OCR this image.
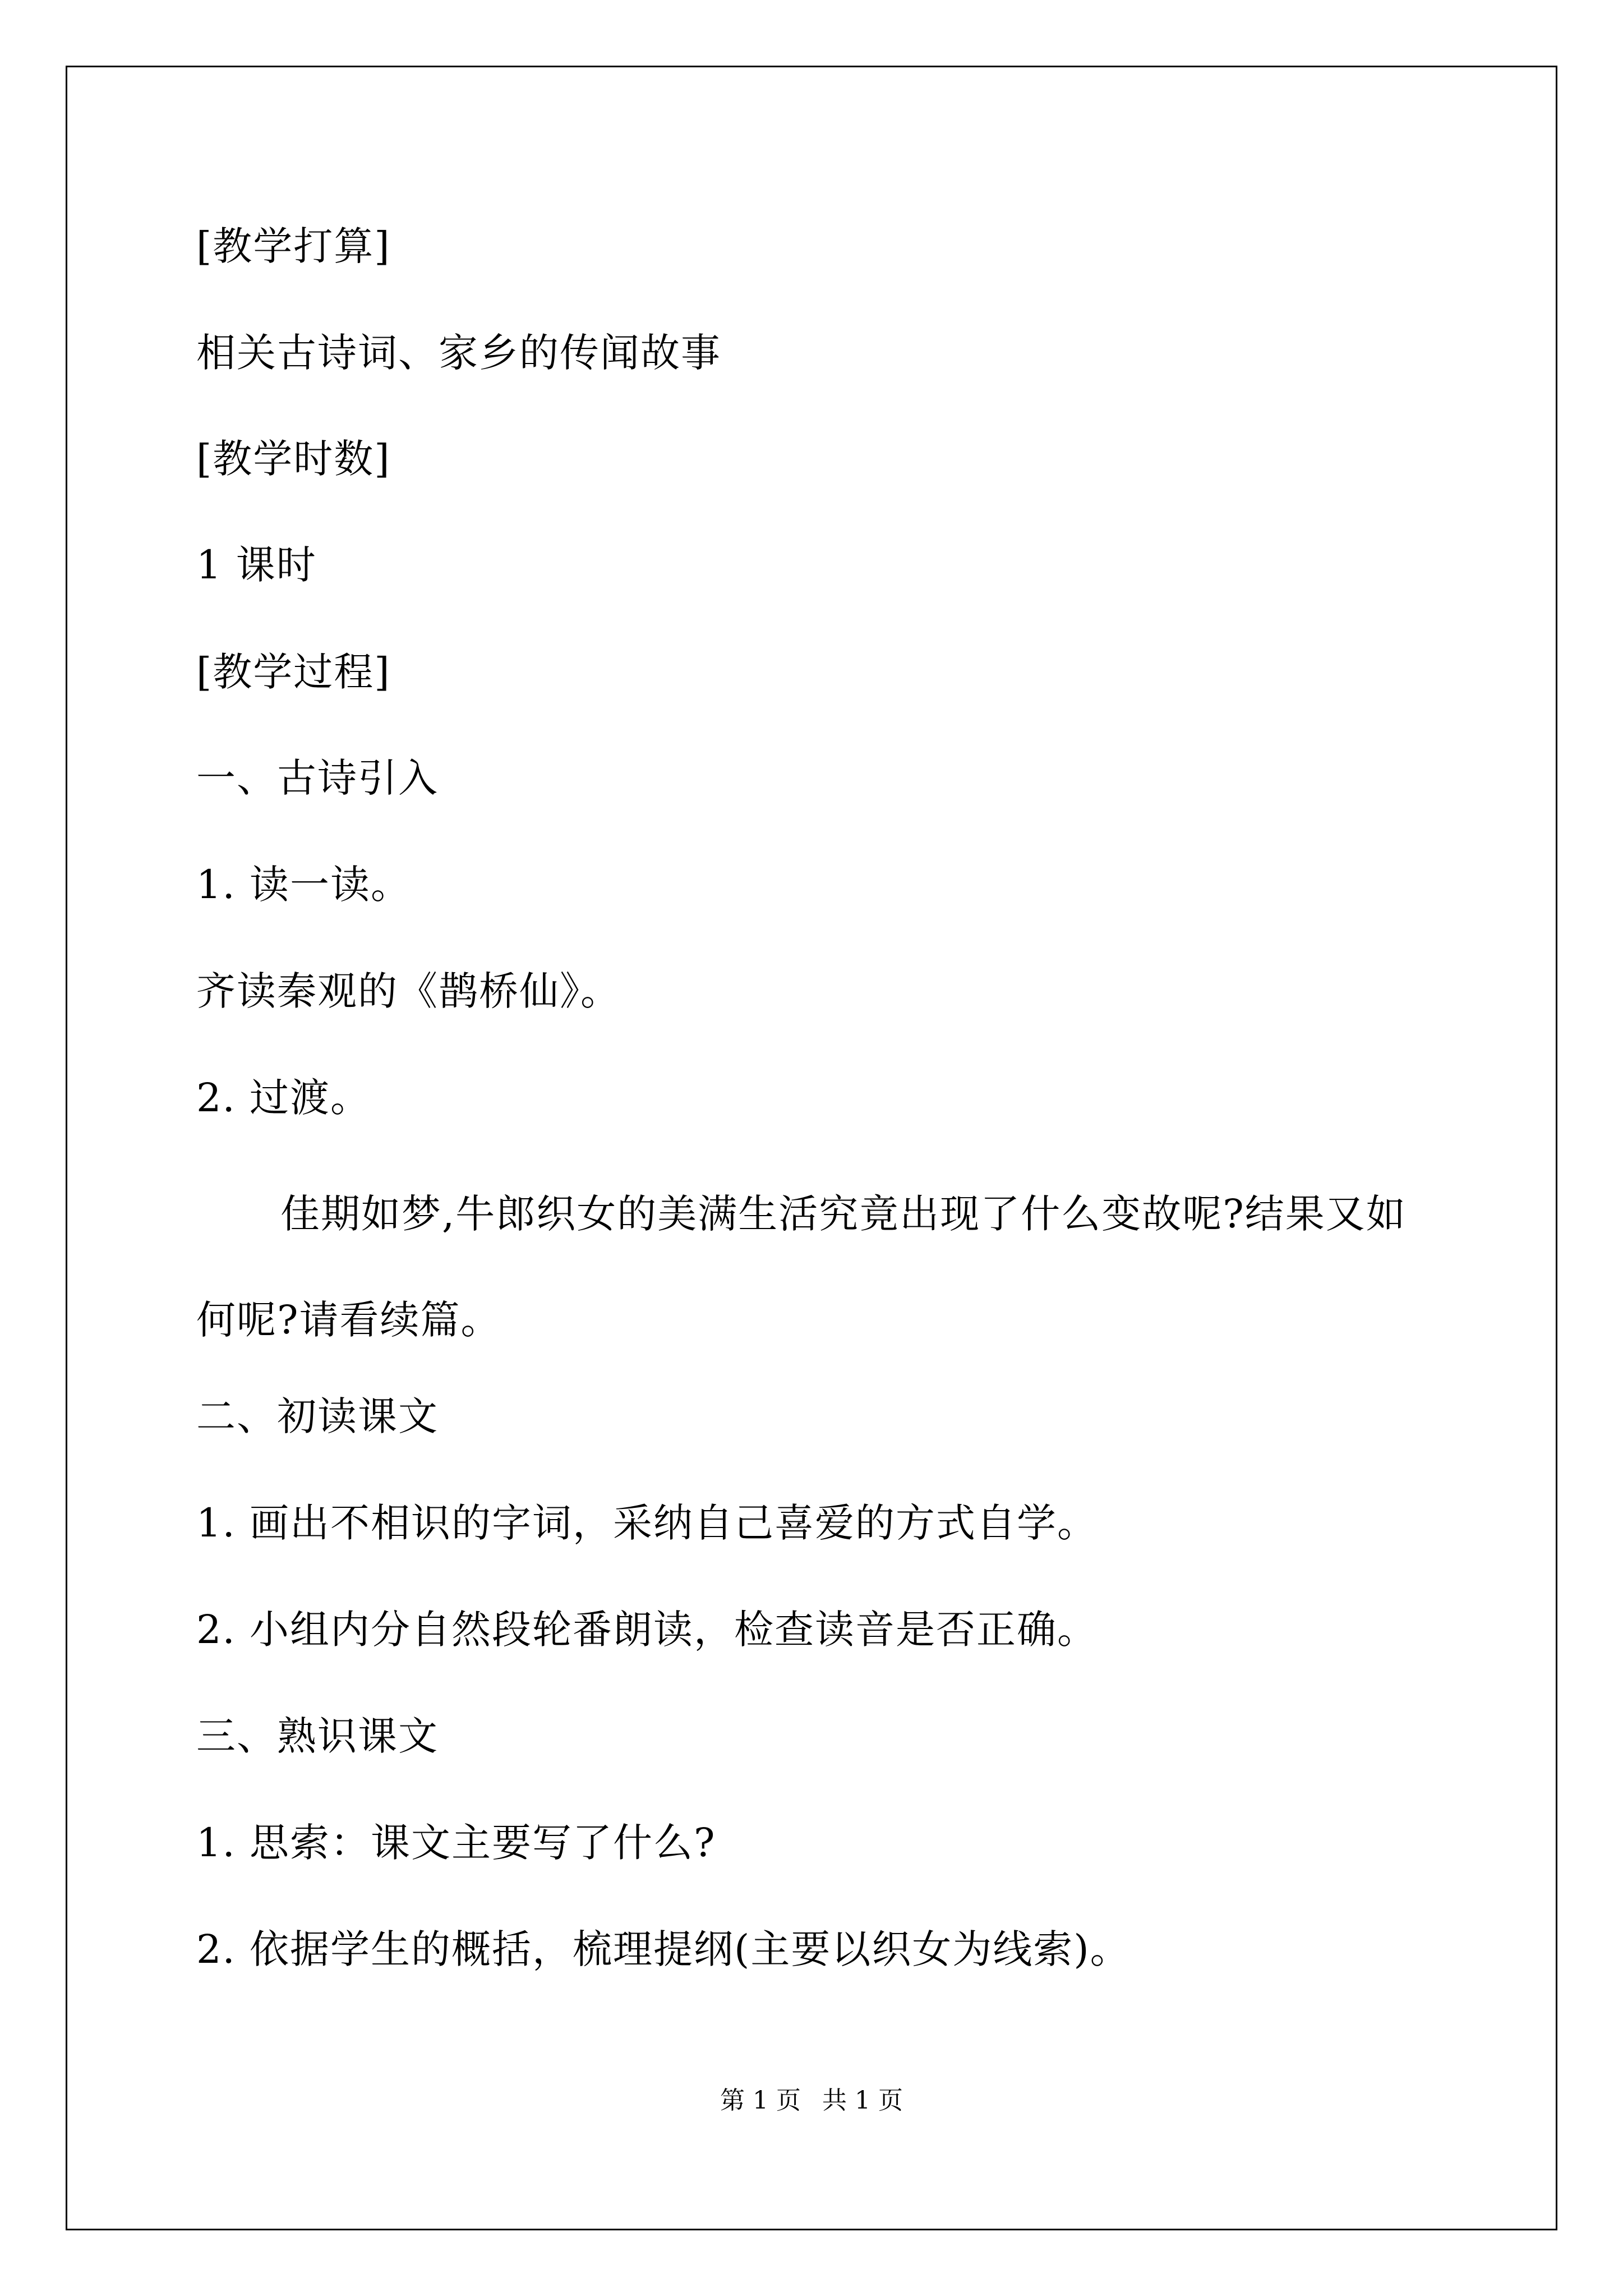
[教学打算]

相关古诗词、家乡的传闻故事

[教学时数]

1 课时

[教学过程]

一、古诗引入

1. 读一读。

齐读秦观的《鹊桥仙》。

2. 过渡。

佳期如梦,牛郎织女的美满生活究竟出现了什么变故呢?结果又如何呢?请看续篇。

二、初读课文

1. 画出不相识的字词，采纳自己喜爱的方式自学。

2. 小组内分自然段轮番朗读，检查读音是否正确。

三、熟识课文

1. 思索：课文主要写了什么?

2. 依据学生的概括，梳理提纲(主要以织女为线索)。

第 1 页 共 1 页
